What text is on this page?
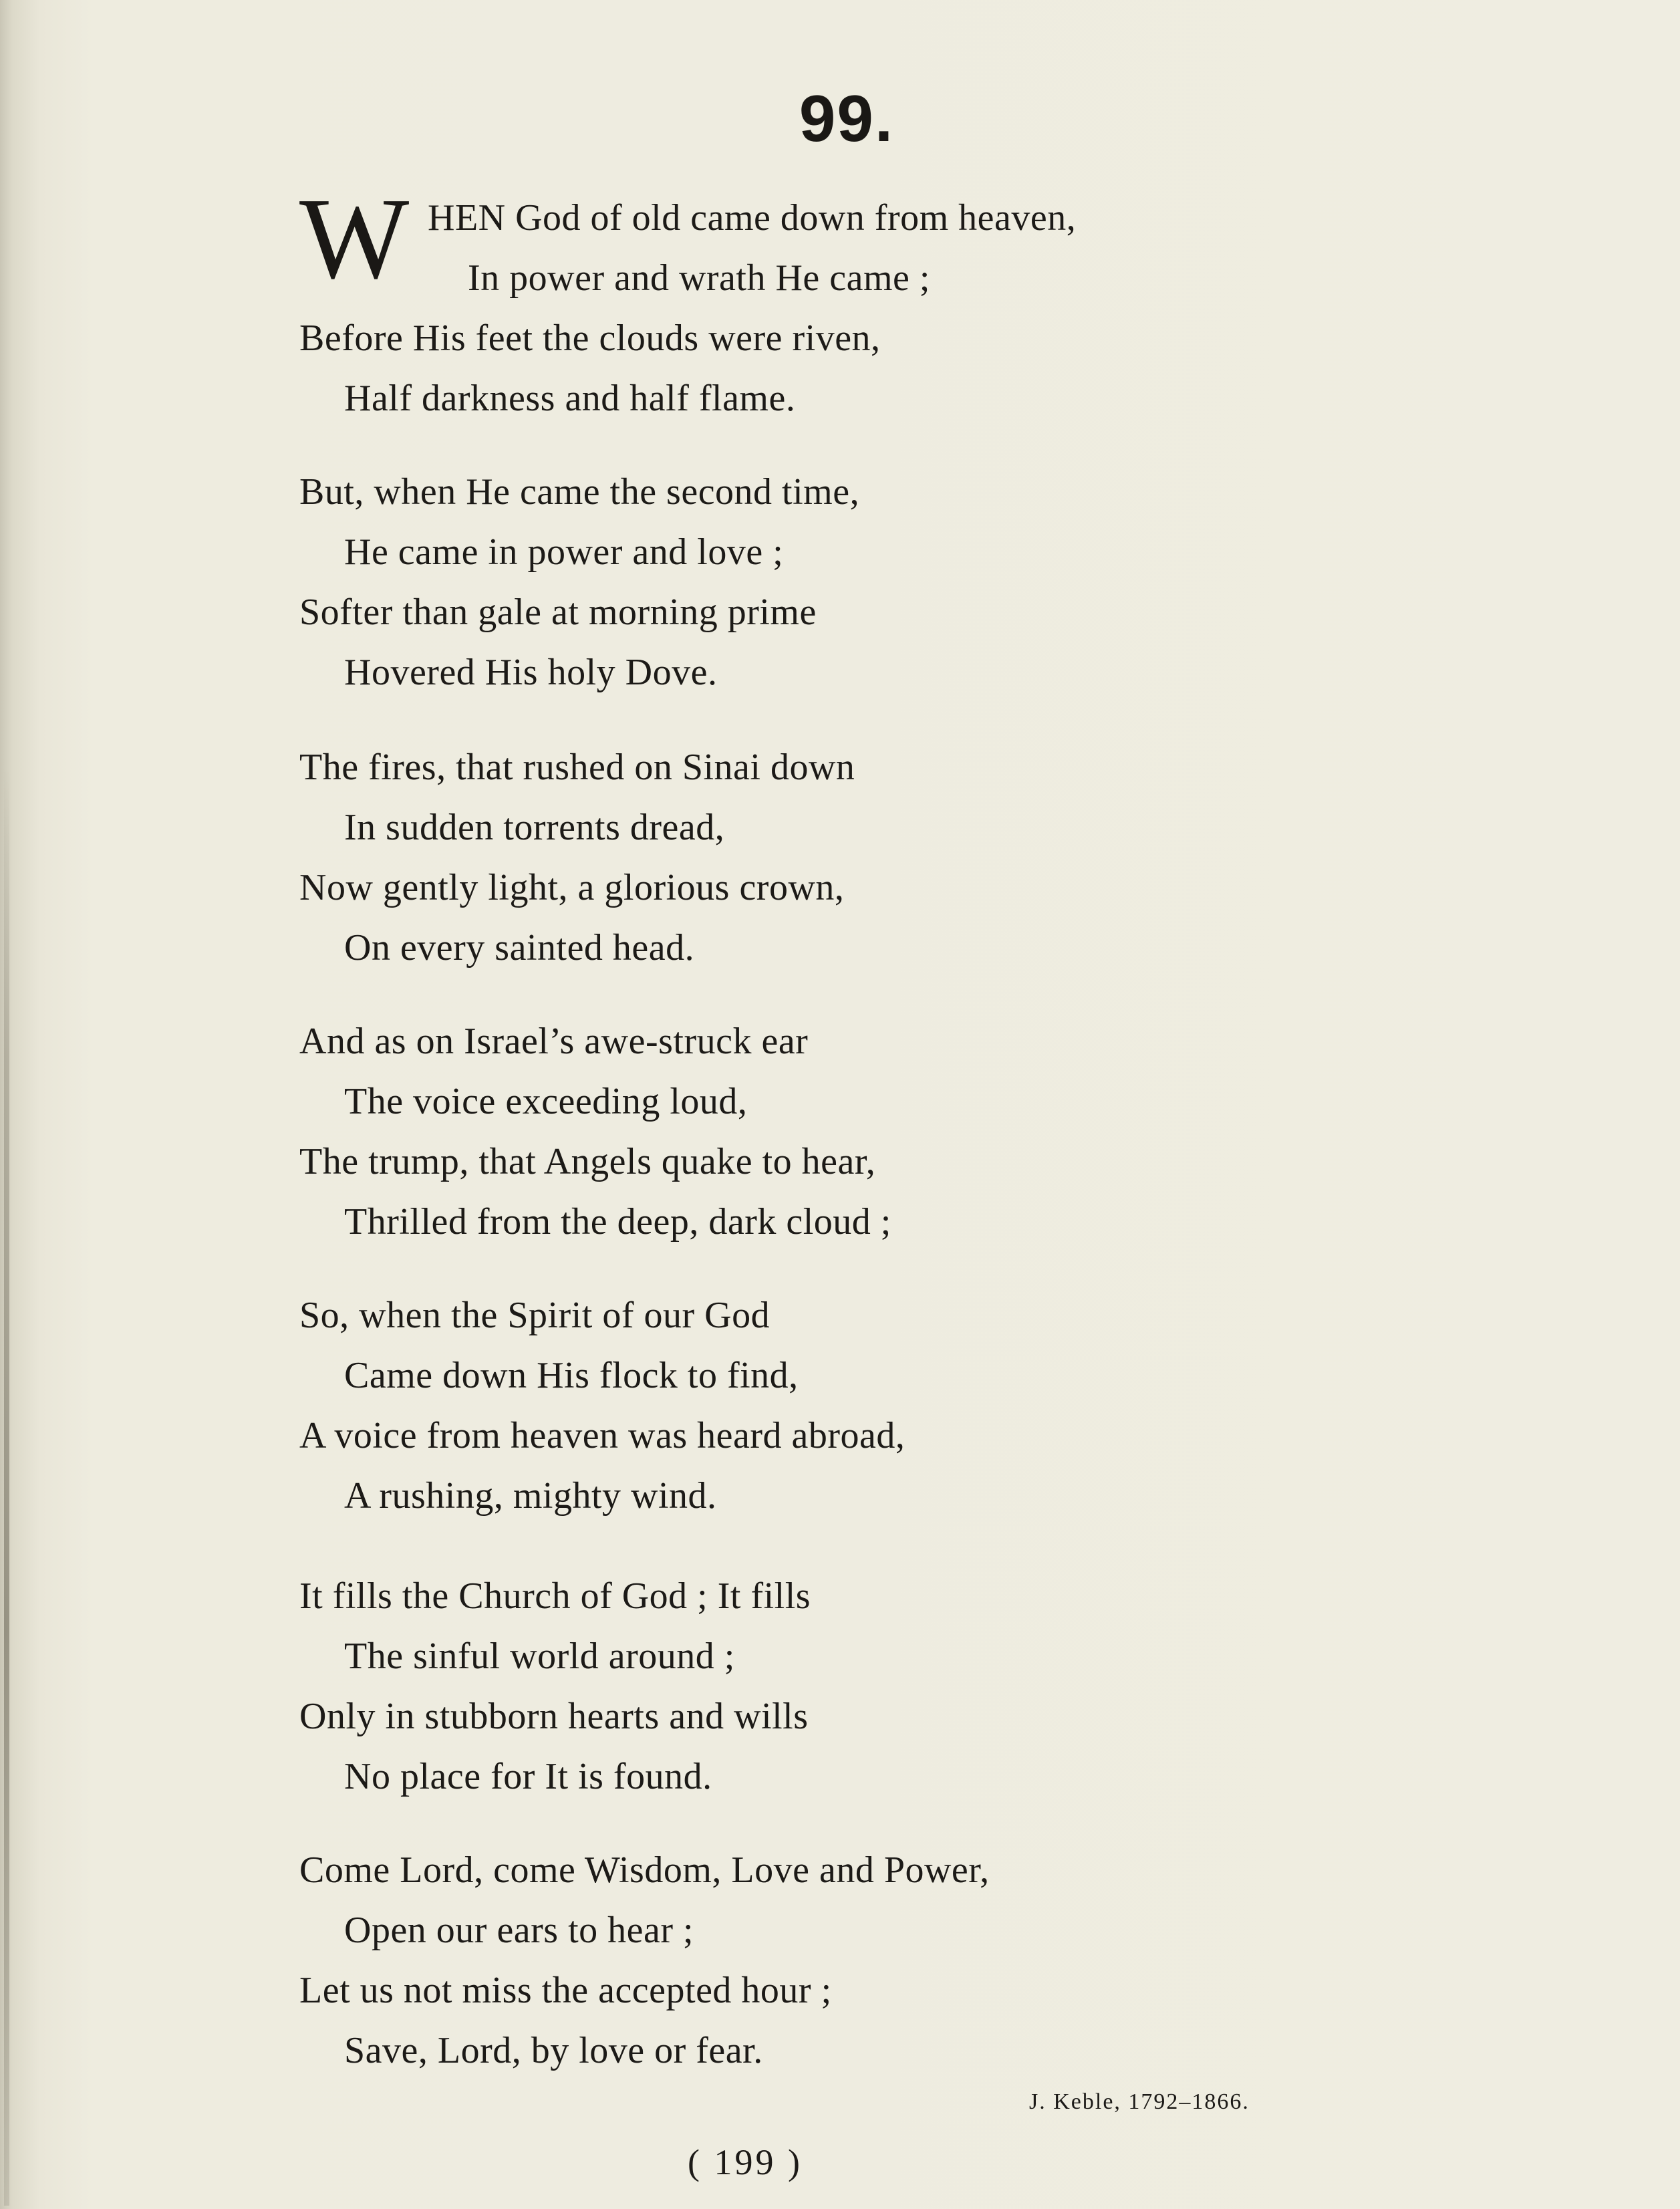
99.
W HEN God of old came down from heaven,
In power and wrath He came ;
Before His feet the clouds were riven,
Half darkness and half flame.
But, when He came the second time,
He came in power and love ;
Softer than gale at morning prime
Hovered His holy Dove.
The fires, that rushed on Sinai down
In sudden torrents dread,
Now gently light, a glorious crown,
On every sainted head.
And as on Israel’s awe-struck ear
The voice exceeding loud,
The trump, that Angels quake to hear,
Thrilled from the deep, dark cloud ;
So, when the Spirit of our God
Came down His flock to find,
A voice from heaven was heard abroad,
A rushing, mighty wind.
It fills the Church of God ; It fills
The sinful world around ;
Only in stubborn hearts and wills
No place for It is found.
Come Lord, come Wisdom, Love and Power,
Open our ears to hear ;
Let us not miss the accepted hour ;
Save, Lord, by love or fear.
J. Keble, 1792–1866.
( 199 )
